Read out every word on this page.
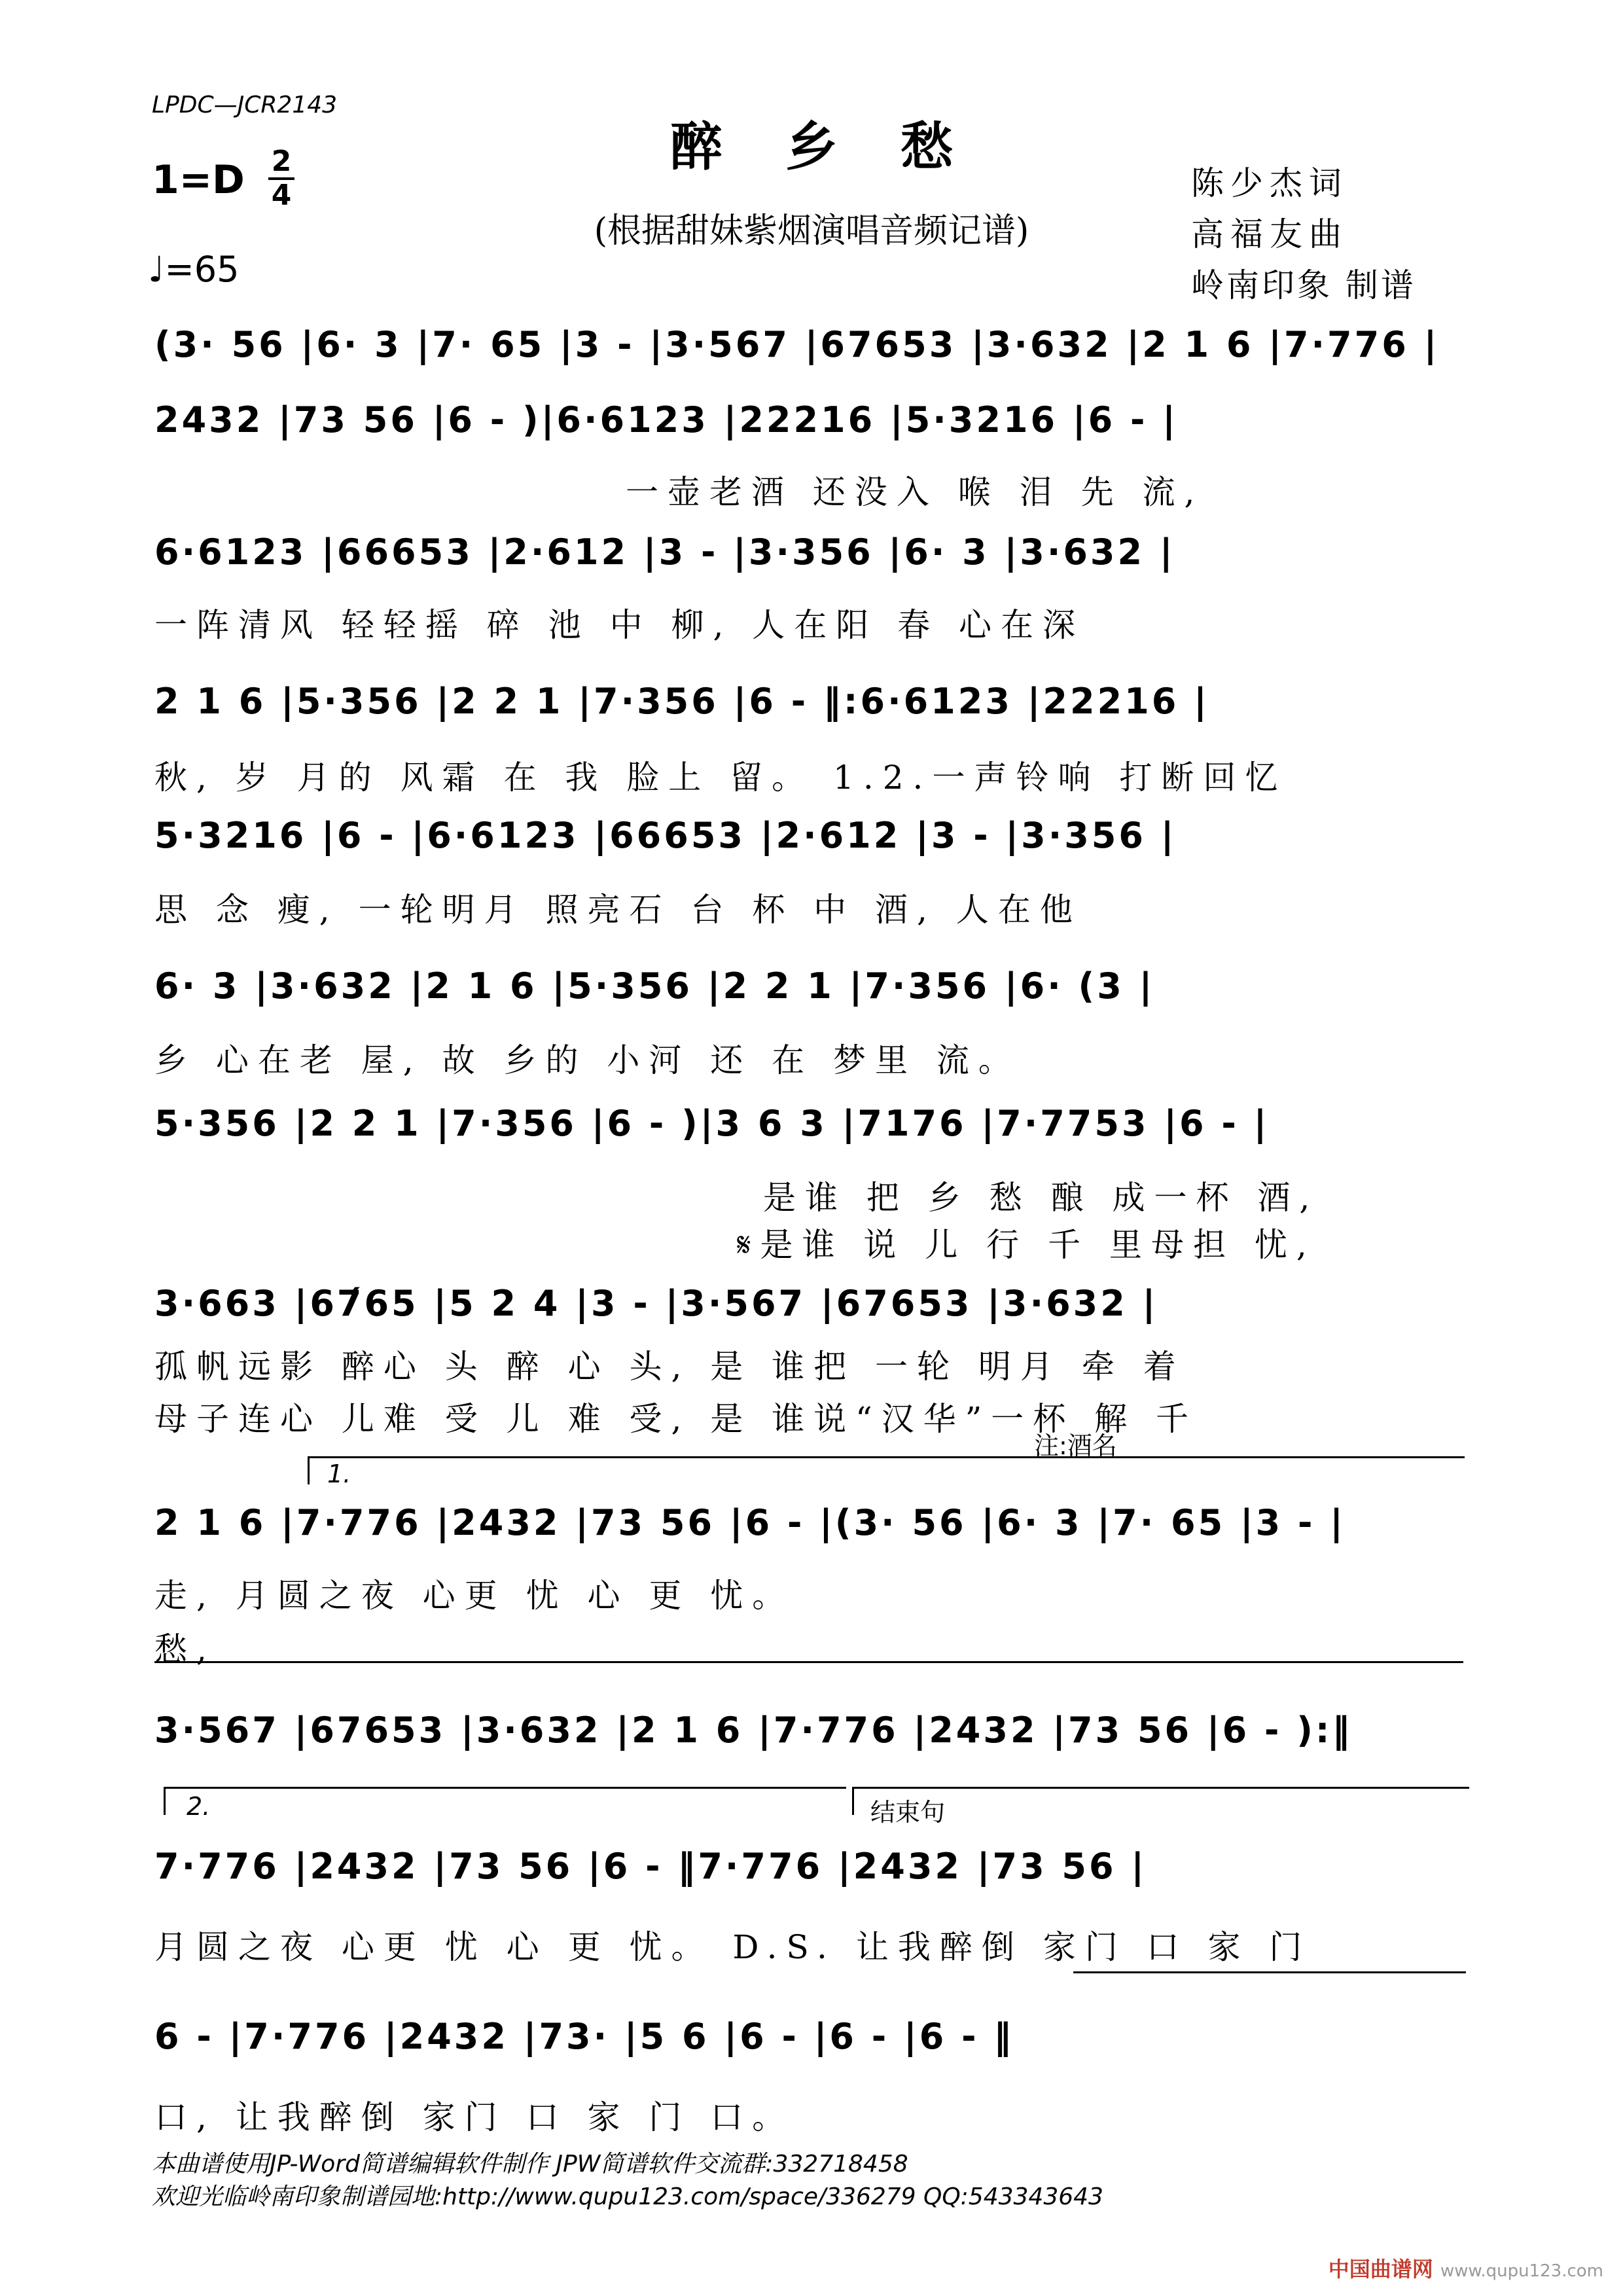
LPDC—JCR2143
醉乡愁
(根据甜妹紫烟演唱音频记谱)
陈少杰词
高福友曲
岭南印象 制谱
1=D 2
4
♩=65
(3· 56 |6· 3 |7· 65 |3 - |3·567 |67653 |3·632 |2 1 6 |7·776 |
2432 |73 56 |6 - )|6·6123 |22216 |5·3216 |6 - |
一壶老酒 还没入 喉 泪 先 流,
6·6123 |66653 |2·612 |3 - |3·356 |6· 3 |3·632 |
一阵清风 轻轻摇 碎 池 中 柳, 人在阳 春 心在深
2 1 6 |5·356 |2 2 1 |7·356 |6 - ‖:6·6123 |22216 |
秋, 岁 月的 风霜 在 我 脸上 留。 1.2.一声铃响 打断回忆
5·3216 |6 - |6·6123 |66653 |2·612 |3 - |3·356 |
思 念 瘦, 一轮明月 照亮石 台 杯 中 酒, 人在他
6· 3 |3·632 |2 1 6 |5·356 |2 2 1 |7·356 |6· (3 |
乡 心在老 屋, 故 乡的 小河 还 在 梦里 流。
5·356 |2 2 1 |7·356 |6 - )|3 6 3 |7176 |7·7753 |6 - |
是谁 把 乡 愁 酿 成一杯 酒,
𝄋是谁 说 儿 行 千 里母担 忧,
3·663 |67́65 |5 2 4 |3 - |3·567 |67653 |3·632 |
孤帆远影 醉心 头 醉 心 头, 是 谁把 一轮 明月 牵 着
母子连心 儿难 受 儿 难 受, 是 谁说“汉华”一杯 解 千
注:酒名
1.
2 1 6 |7·776 |2432 |73 56 |6 - |(3· 56 |6· 3 |7· 65 |3 - |
走, 月圆之夜 心更 忧 心 更 忧。
愁,
3·567 |67653 |3·632 |2 1 6 |7·776 |2432 |73 56 |6 - ):‖
2.	结束句
7·776 |2432 |73 56 |6 - ‖7·776 |2432 |73 56 |
月圆之夜 心更 忧 心 更 忧。 D.S. 让我醉倒 家门 口 家 门
6 - |7·776 |2432 |73· |5 6 |6 - |6 - |6 - ‖
口, 让我醉倒 家门 口 家 门 口。
本曲谱使用JP-Word简谱编辑软件制作 JPW简谱软件交流群:332718458
欢迎光临岭南印象制谱园地:http://www.qupu123.com/space/336279 QQ:543343643
中国曲谱网 www.qupu123.com
